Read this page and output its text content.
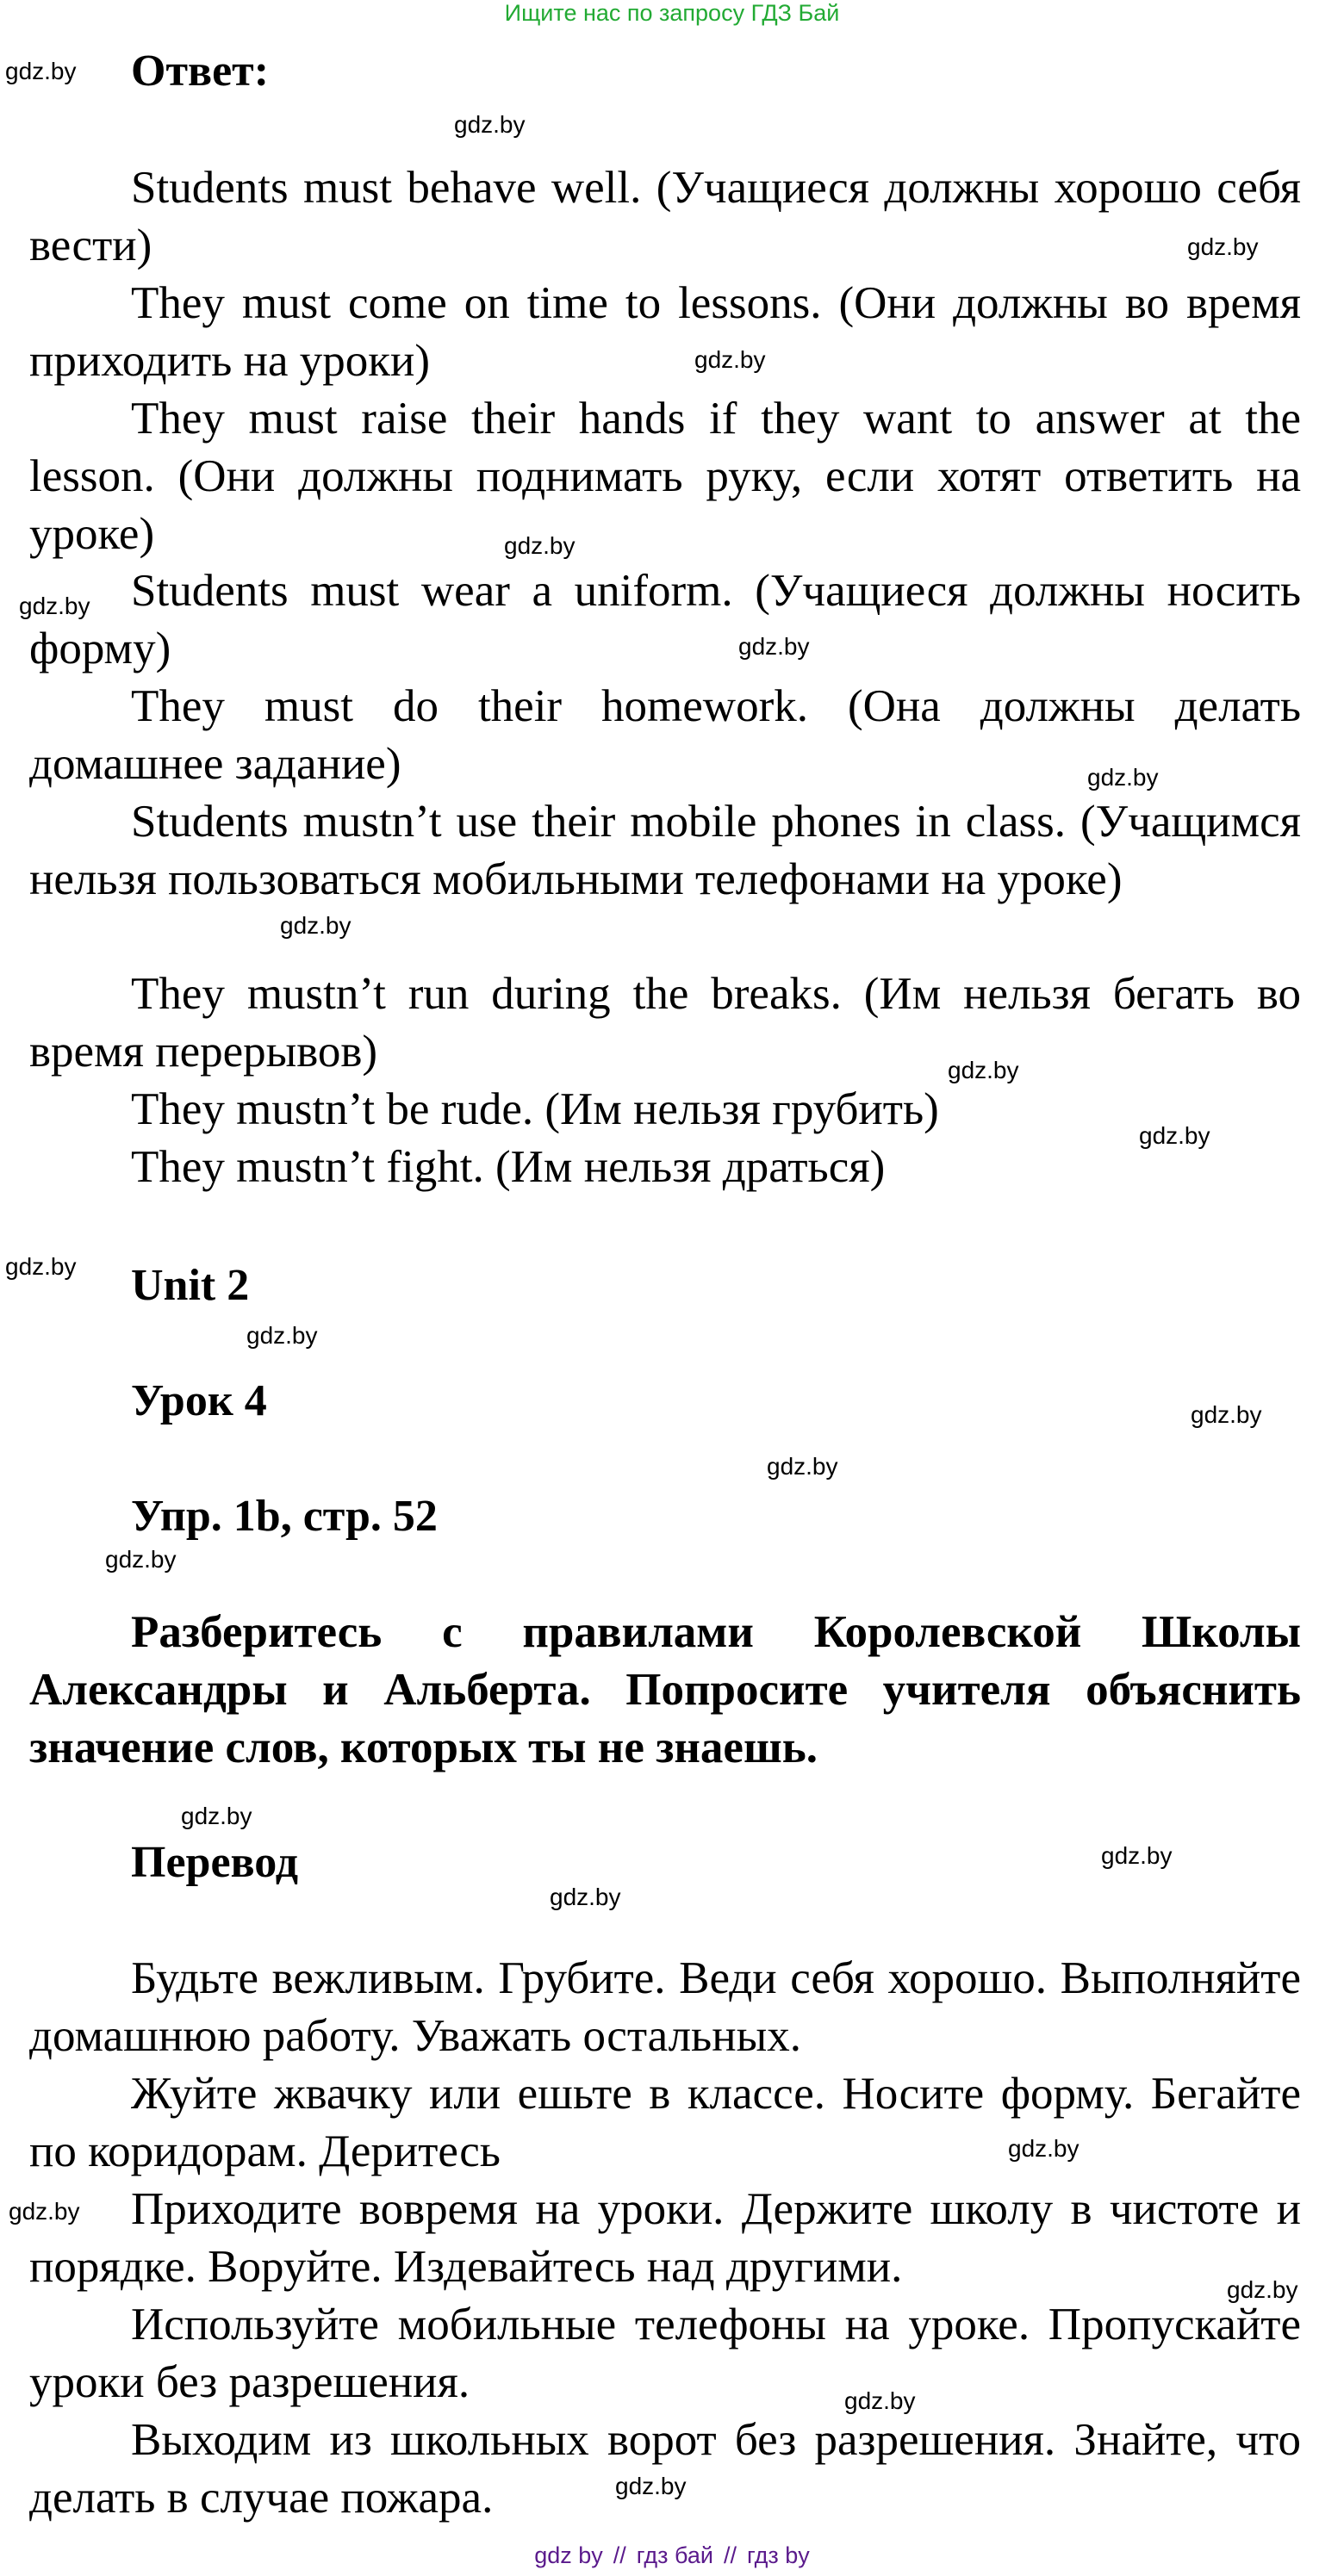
Ищите нас по запросу ГДЗ Бай
Ответ:
Students must behave well. (Учащиеся должны хорошо себя вести)
They must come on time to lessons. (Они должны во время приходить на уроки)
They must raise their hands if they want to answer at the lesson. (Они должны поднимать руку, если хотят ответить на уроке)
Students must wear a uniform. (Учащиеся должны носить форму)
They must do their homework. (Она должны делать домашнее задание)
Students mustn’t use their mobile phones in class. (Учащимся нельзя пользоваться мобильными телефонами на уроке)
They mustn’t run during the breaks. (Им нельзя бегать во время перерывов)
They mustn’t be rude. (Им нельзя грубить)
They mustn’t fight. (Им нельзя драться)
Unit 2
Урок 4
Упр. 1b, стр. 52
Разберитесь с правилами Королевской Школы Александры и Альберта. Попросите учителя объяснить значение слов, которых ты не знаешь.
Перевод
Будьте вежливым. Грубите. Веди себя хорошо. Выполняйте домашнюю работу. Уважать остальных.
Жуйте жвачку или ешьте в классе. Носите форму. Бегайте по коридорам. Деритесь
Приходите вовремя на уроки. Держите школу в чистоте и порядке. Воруйте. Издевайтесь над другими.
Используйте мобильные телефоны на уроке. Пропускайте уроки без разрешения.
Выходим из школьных ворот без разрешения. Знайте, что делать в случае пожара.
gdz.by
gdz.by
gdz.by
gdz.by
gdz.by
gdz.by
gdz.by
gdz.by
gdz.by
gdz.by
gdz.by
gdz.by
gdz.by
gdz.by
gdz.by
gdz.by
gdz.by
gdz.by
gdz.by
gdz.by
gdz.by
gdz.by
gdz.by
gdz.by
gdz by // гдз бай // гдз by
